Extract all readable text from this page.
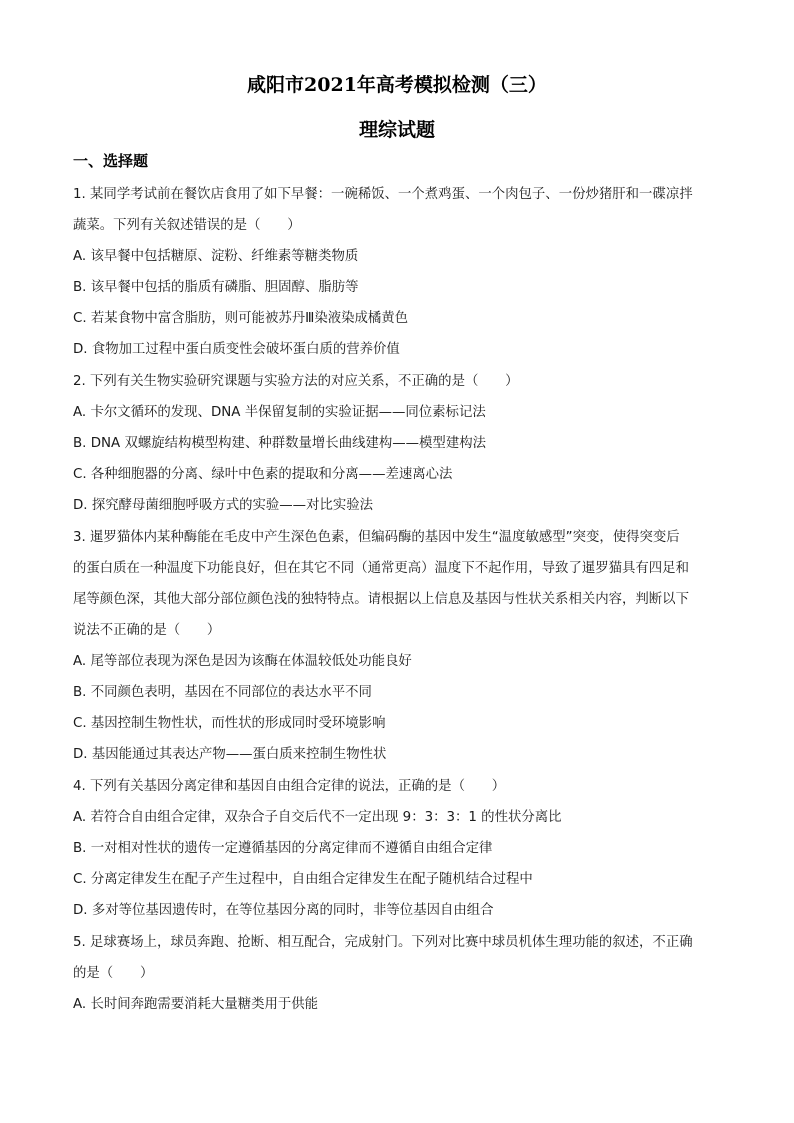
咸阳市2021年高考模拟检测（三）
理综试题
一、选择题
1. 某同学考试前在餐饮店食用了如下早餐：一碗稀饭、一个煮鸡蛋、一个肉包子、一份炒猪肝和一碟凉拌
蔬菜。下列有关叙述错误的是（　　）
A. 该早餐中包括糖原、淀粉、纤维素等糖类物质
B. 该早餐中包括的脂质有磷脂、胆固醇、脂肪等
C. 若某食物中富含脂肪，则可能被苏丹Ⅲ染液染成橘黄色
D. 食物加工过程中蛋白质变性会破坏蛋白质的营养价值
2. 下列有关生物实验研究课题与实验方法的对应关系，不正确的是（　　）
A. 卡尔文循环的发现、DNA 半保留复制的实验证据——同位素标记法
B. DNA 双螺旋结构模型构建、种群数量增长曲线建构——模型建构法
C. 各种细胞器的分离、绿叶中色素的提取和分离——差速离心法
D. 探究酵母菌细胞呼吸方式的实验——对比实验法
3. 暹罗猫体内某种酶能在毛皮中产生深色色素，但编码酶的基因中发生“温度敏感型”突变，使得突变后
的蛋白质在一种温度下功能良好，但在其它不同（通常更高）温度下不起作用，导致了暹罗猫具有四足和
尾等颜色深，其他大部分部位颜色浅的独特特点。请根据以上信息及基因与性状关系相关内容，判断以下
说法不正确的是（　　）
A. 尾等部位表现为深色是因为该酶在体温较低处功能良好
B. 不同颜色表明，基因在不同部位的表达水平不同
C. 基因控制生物性状，而性状的形成同时受环境影响
D. 基因能通过其表达产物——蛋白质来控制生物性状
4. 下列有关基因分离定律和基因自由组合定律的说法，正确的是（　　）
A. 若符合自由组合定律，双杂合子自交后代不一定出现 9：3：3：1 的性状分离比
B. 一对相对性状的遗传一定遵循基因的分离定律而不遵循自由组合定律
C. 分离定律发生在配子产生过程中，自由组合定律发生在配子随机结合过程中
D. 多对等位基因遗传时，在等位基因分离的同时，非等位基因自由组合
5. 足球赛场上，球员奔跑、抢断、相互配合，完成射门。下列对比赛中球员机体生理功能的叙述，不正确
的是（　　）
A. 长时间奔跑需要消耗大量糖类用于供能
